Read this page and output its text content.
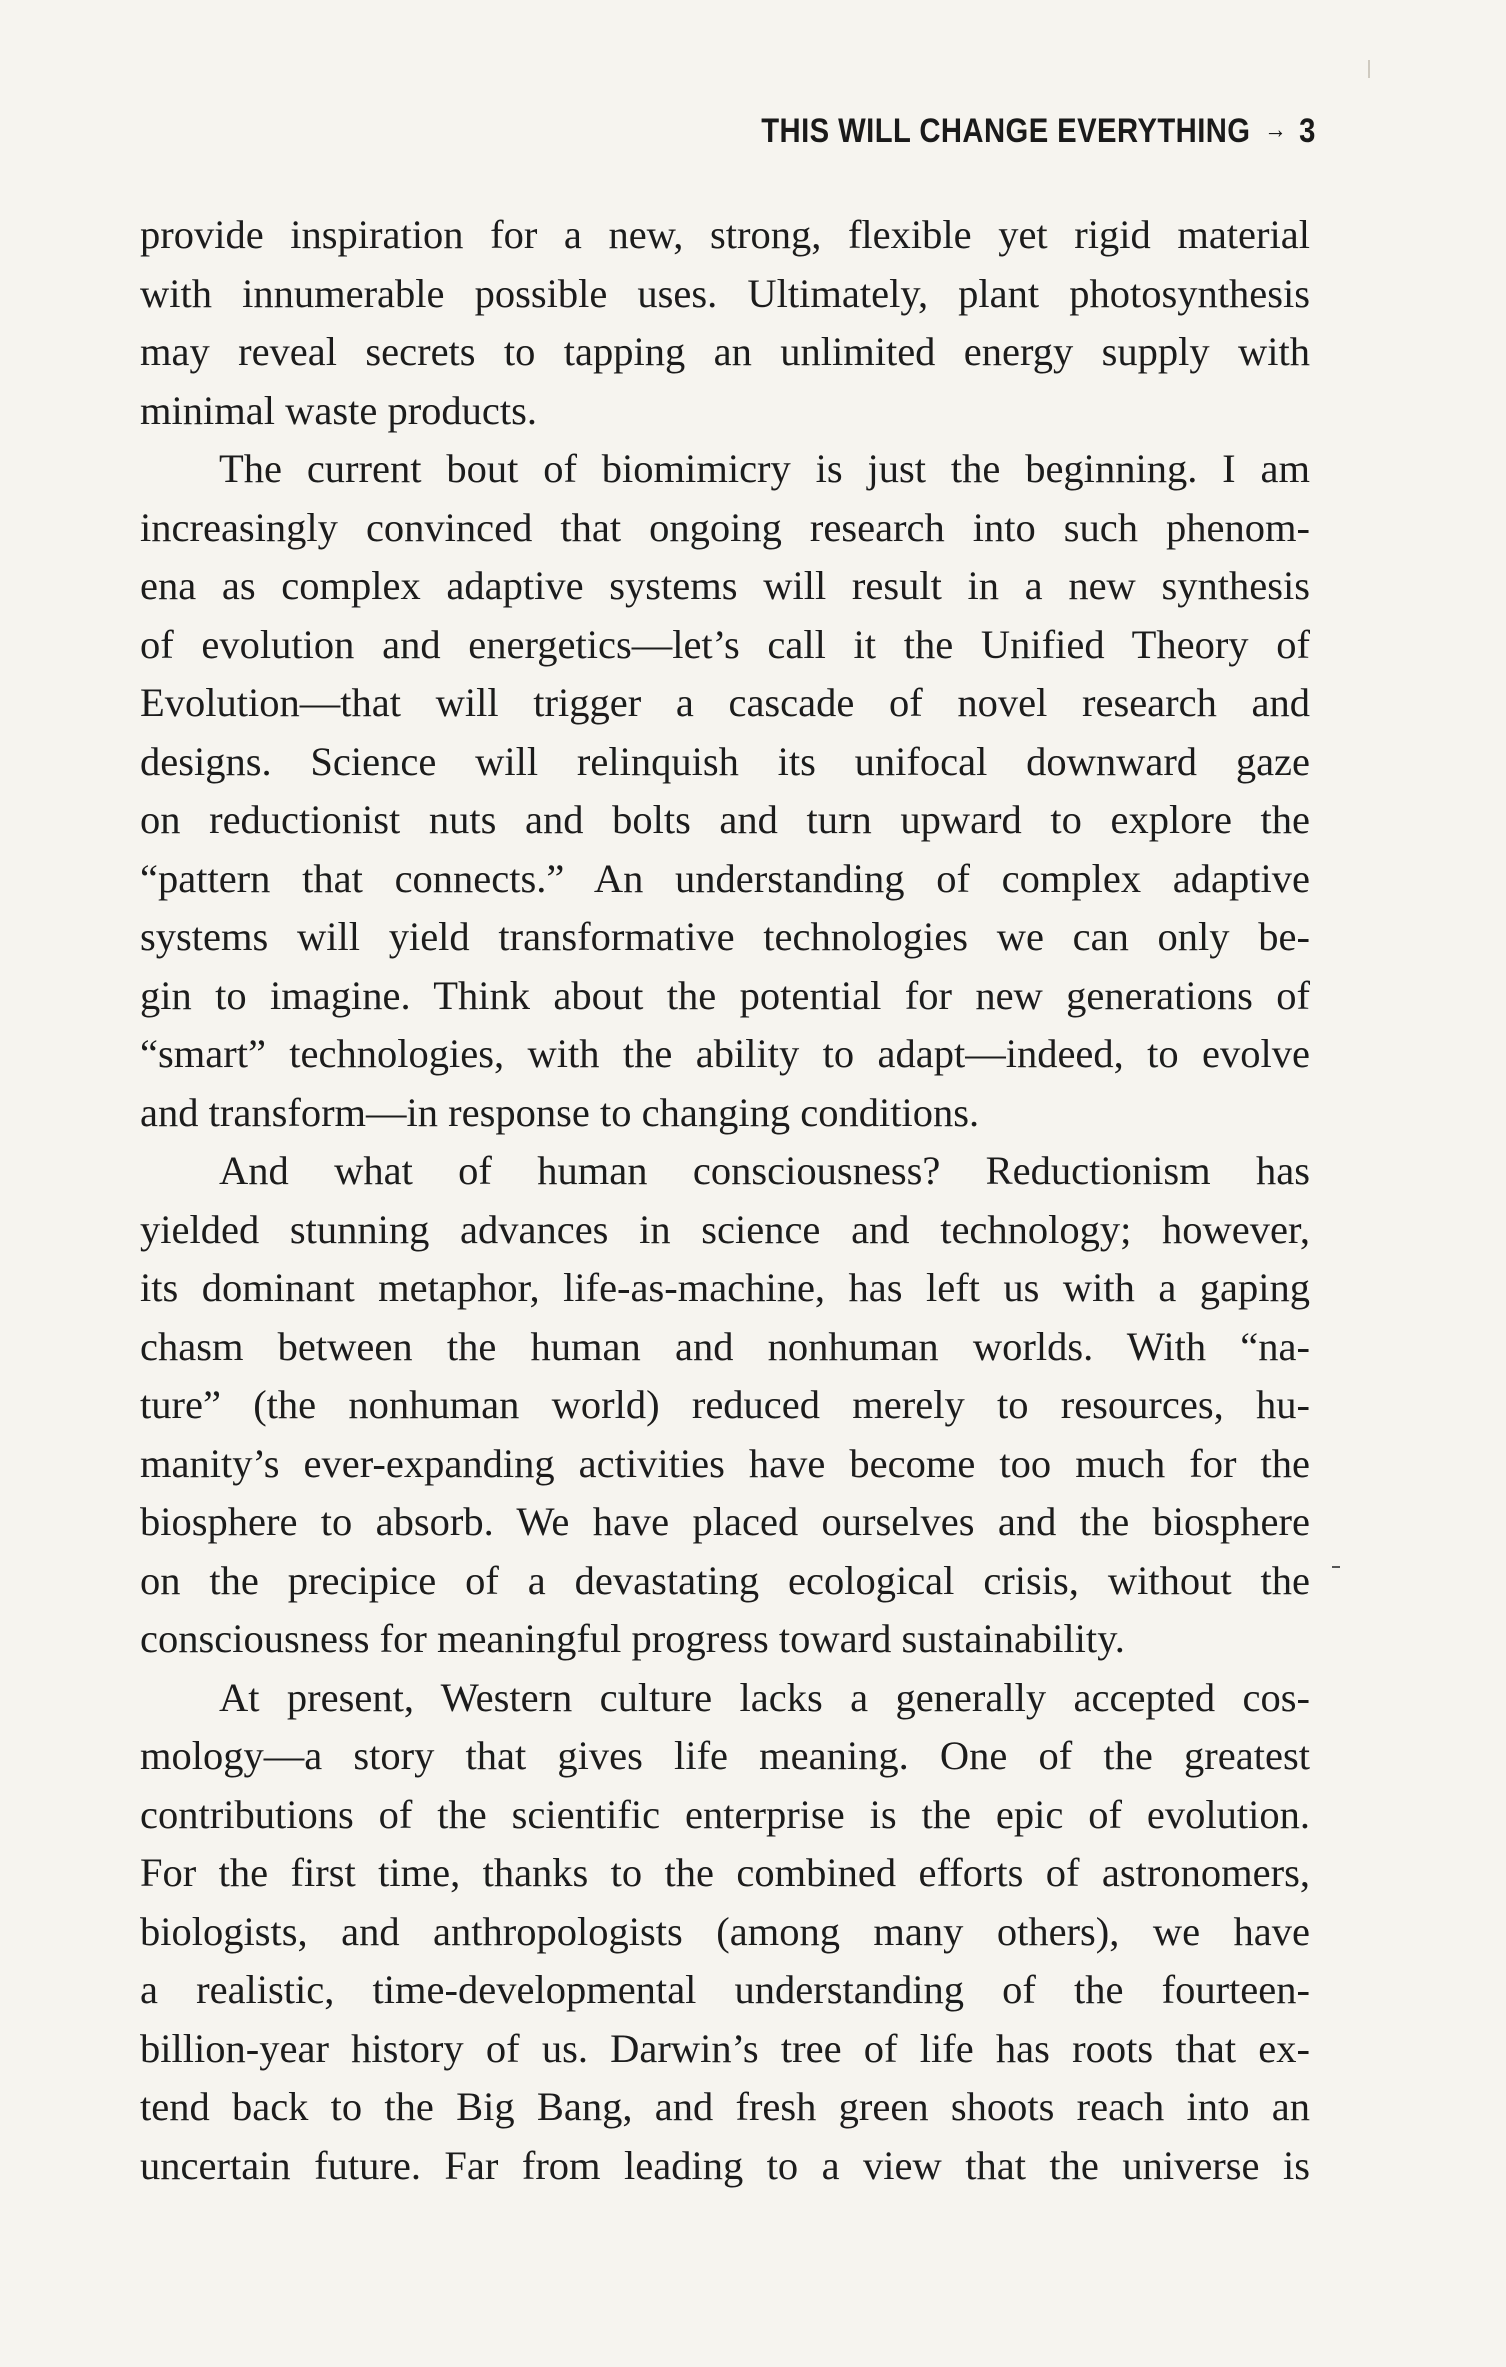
THIS WILL CHANGE EVERYTHING → 3
provide inspiration for a new, strong, flexible yet rigid material
with innumerable possible uses. Ultimately, plant photosynthesis
may reveal secrets to tapping an unlimited energy supply with
minimal waste products.
The current bout of biomimicry is just the beginning. I am
increasingly convinced that ongoing research into such phenom-
ena as complex adaptive systems will result in a new synthesis
of evolution and energetics—let’s call it the Unified Theory of
Evolution—that will trigger a cascade of novel research and
designs. Science will relinquish its unifocal downward gaze
on reductionist nuts and bolts and turn upward to explore the
“pattern that connects.” An understanding of complex adaptive
systems will yield transformative technologies we can only be-
gin to imagine. Think about the potential for new generations of
“smart” technologies, with the ability to adapt—indeed, to evolve
and transform—in response to changing conditions.
And what of human consciousness? Reductionism has
yielded stunning advances in science and technology; however,
its dominant metaphor, life-as-machine, has left us with a gaping
chasm between the human and nonhuman worlds. With “na-
ture” (the nonhuman world) reduced merely to resources, hu-
manity’s ever-expanding activities have become too much for the
biosphere to absorb. We have placed ourselves and the biosphere
on the precipice of a devastating ecological crisis, without the
consciousness for meaningful progress toward sustainability.
At present, Western culture lacks a generally accepted cos-
mology—a story that gives life meaning. One of the greatest
contributions of the scientific enterprise is the epic of evolution.
For the first time, thanks to the combined efforts of astronomers,
biologists, and anthropologists (among many others), we have
a realistic, time-developmental understanding of the fourteen-
billion-year history of us. Darwin’s tree of life has roots that ex-
tend back to the Big Bang, and fresh green shoots reach into an
uncertain future. Far from leading to a view that the universe is
